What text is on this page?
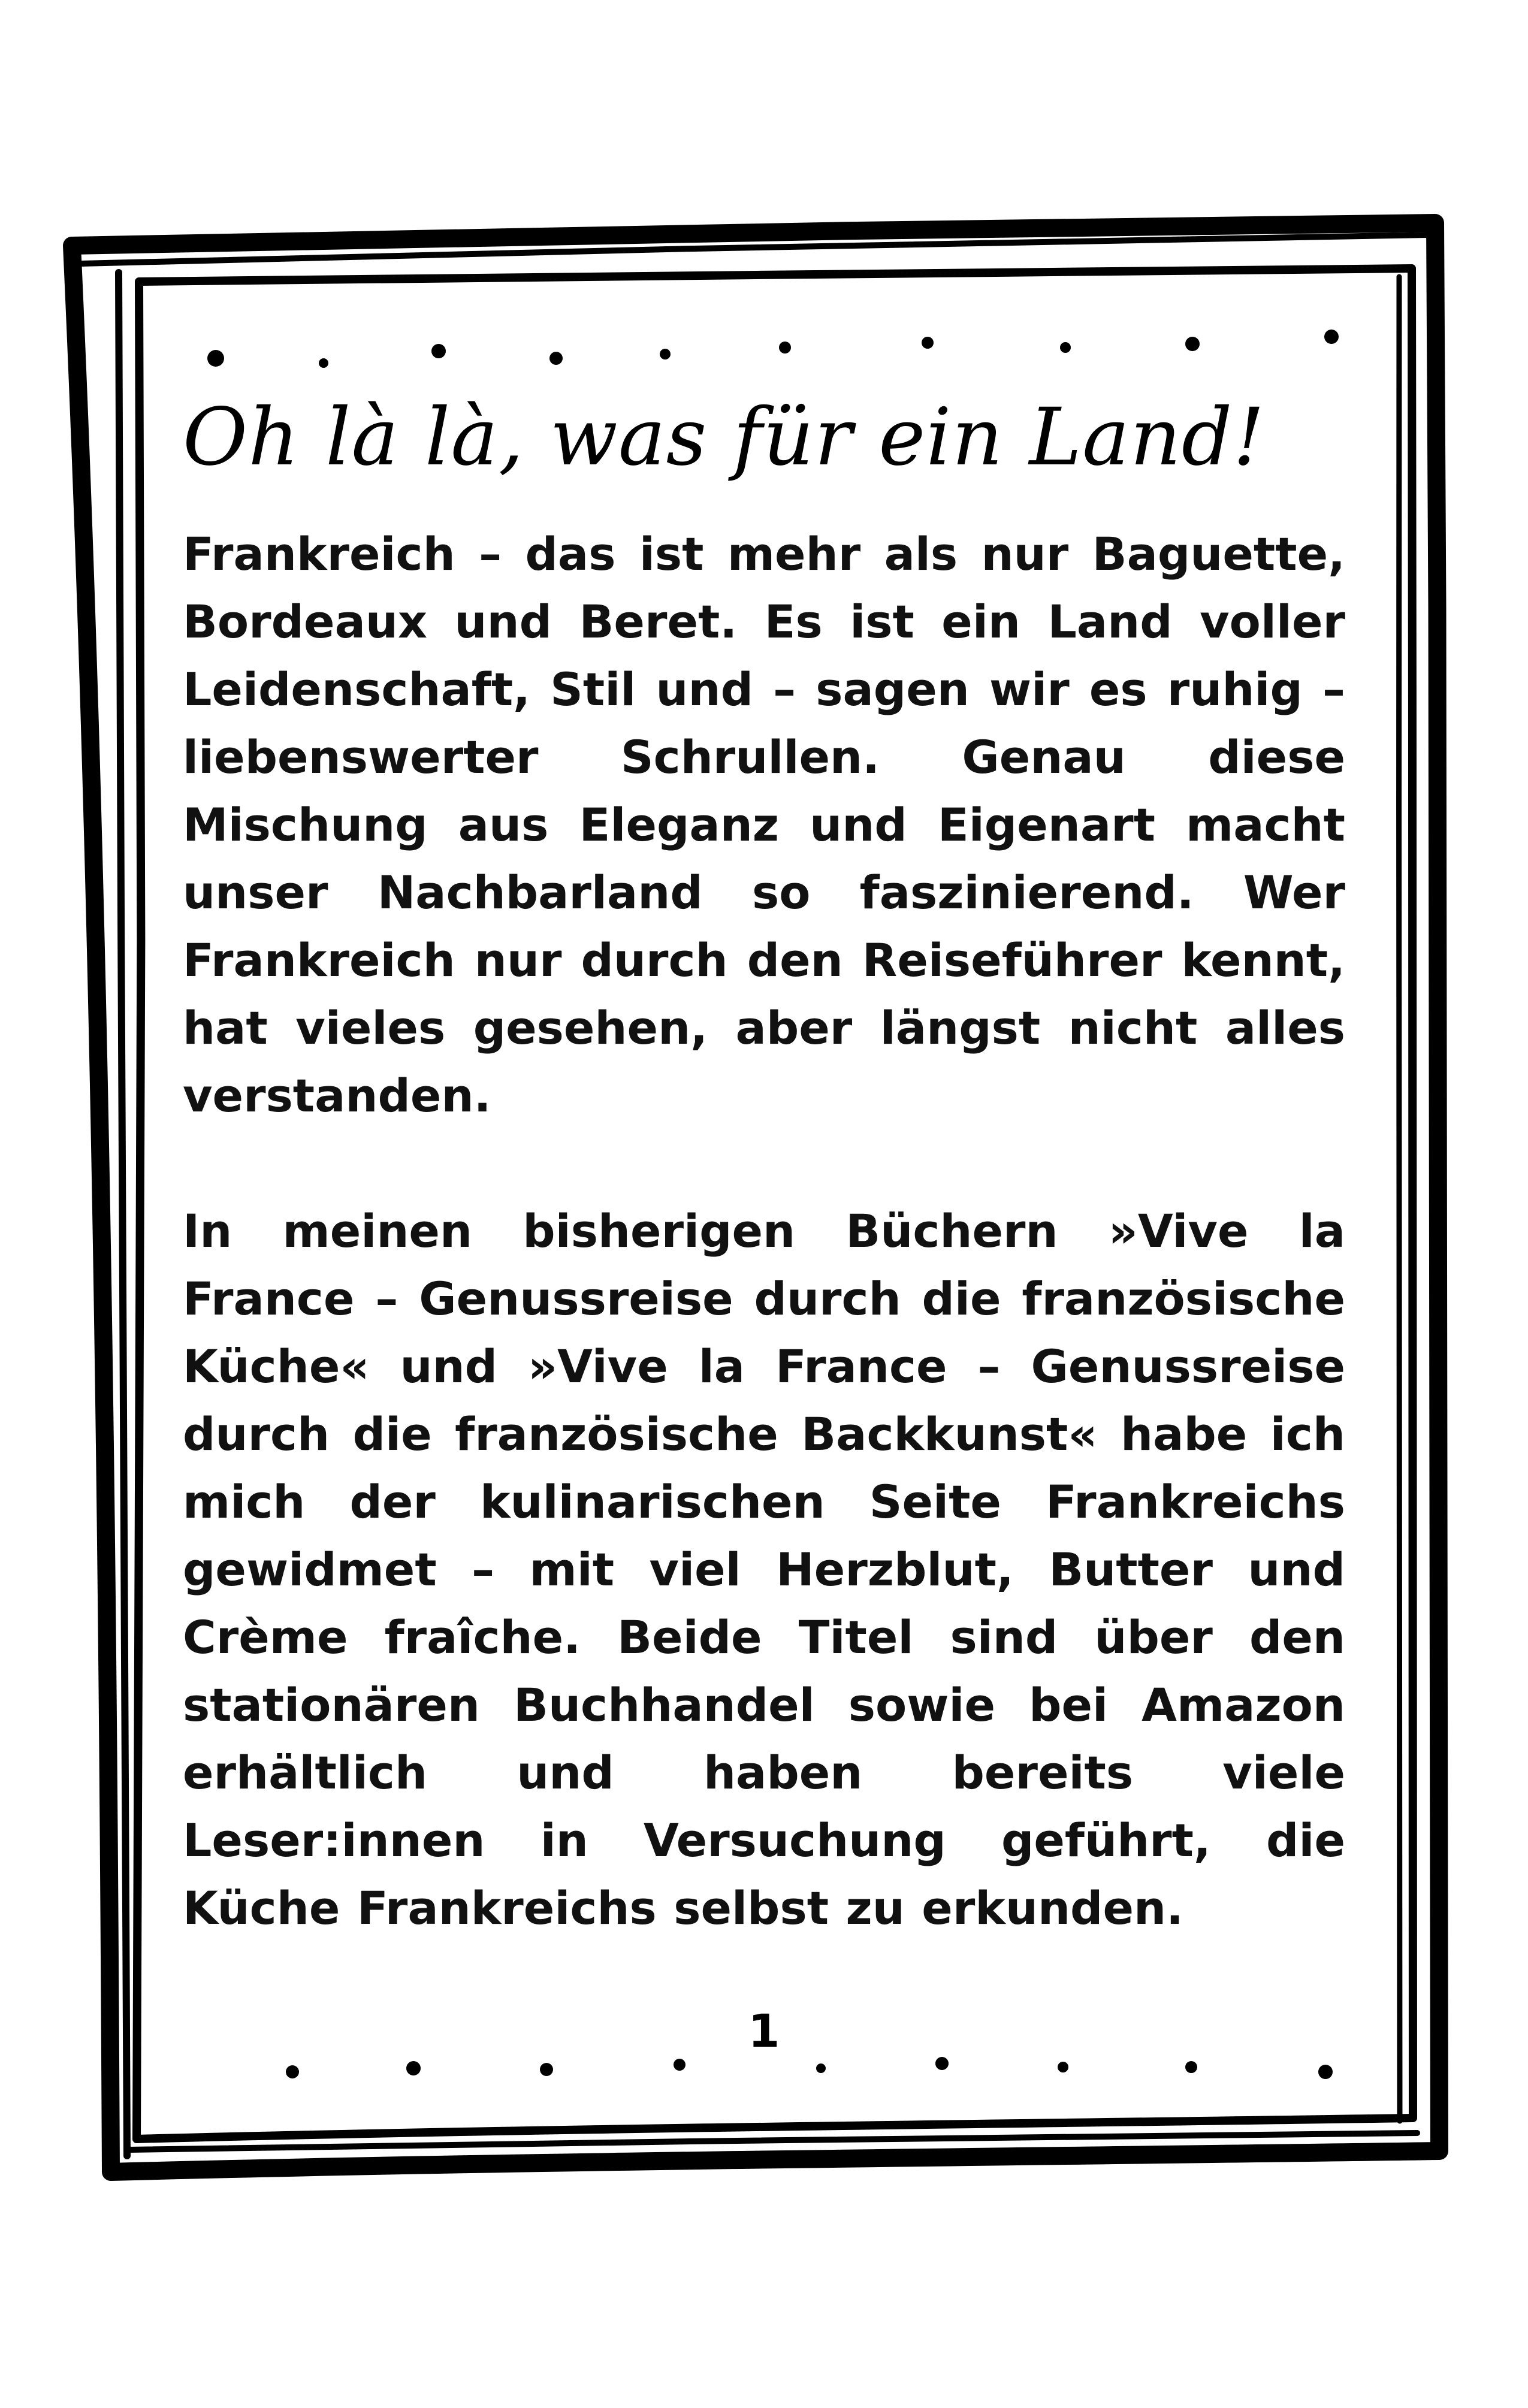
Oh là là, was für ein Land!

Frankreich – das ist mehr als nur Baguette, Bordeaux und Beret. Es ist ein Land voller Leidenschaft, Stil und – sagen wir es ruhig – liebenswerter Schrullen. Genau diese Mischung aus Eleganz und Eigenart macht unser Nachbarland so faszinierend. Wer Frankreich nur durch den Reiseführer kennt, hat vieles gesehen, aber längst nicht alles verstanden.

In meinen bisherigen Büchern »Vive la France – Genussreise durch die französische Küche« und »Vive la France – Genussreise durch die französische Backkunst« habe ich mich der kulinarischen Seite Frankreichs gewidmet – mit viel Herzblut, Butter und Crème fraîche. Beide Titel sind über den stationären Buchhandel sowie bei Amazon erhältlich und haben bereits viele Leser:innen in Versuchung geführt, die Küche Frankreichs selbst zu erkunden.

1
